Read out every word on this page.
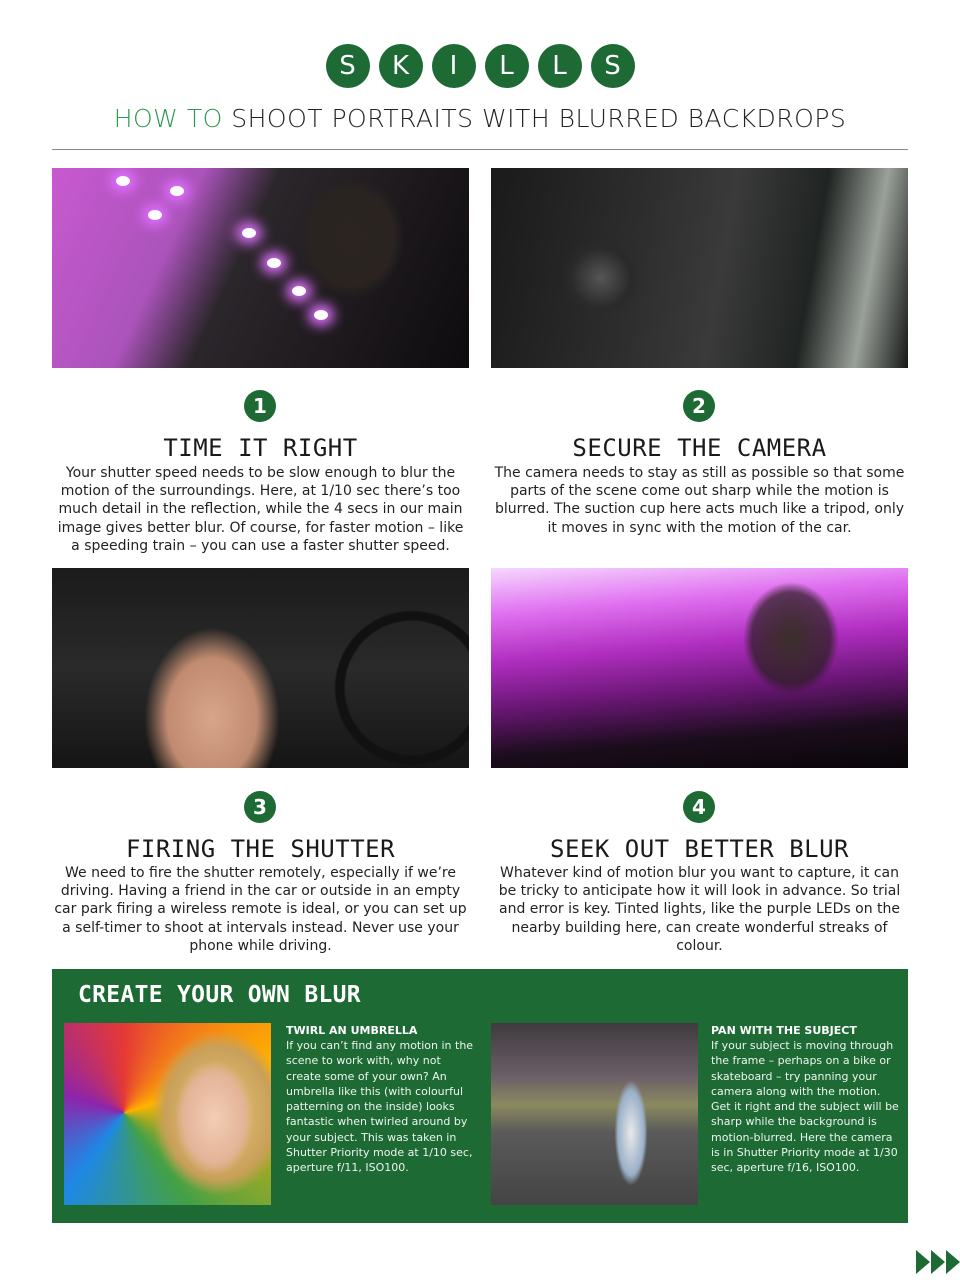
S	K	I	L	L	S
HOW TO SHOOT PORTRAITS WITH BLURRED BACKDROPS
1
TIME IT RIGHT
Your shutter speed needs to be slow enough to blur the motion of the surroundings. Here, at 1/10 sec there’s too much detail in the reflection, while the 4 secs in our main image gives better blur. Of course, for faster motion – like a speeding train – you can use a faster shutter speed.
2
SECURE THE CAMERA
The camera needs to stay as still as possible so that some parts of the scene come out sharp while the motion is blurred. The suction cup here acts much like a tripod, only it moves in sync with the motion of the car.
3
FIRING THE SHUTTER
We need to fire the shutter remotely, especially if we’re driving. Having a friend in the car or outside in an empty car park firing a wireless remote is ideal, or you can set up a self-timer to shoot at intervals instead. Never use your phone while driving.
4
SEEK OUT BETTER BLUR
Whatever kind of motion blur you want to capture, it can be tricky to anticipate how it will look in advance. So trial and error is key. Tinted lights, like the purple LEDs on the nearby building here, can create wonderful streaks of colour.
CREATE YOUR OWN BLUR
TWIRL AN UMBRELLA
If you can’t find any motion in the scene to work with, why not create some of your own? An umbrella like this (with colourful patterning on the inside) looks fantastic when twirled around by your subject. This was taken in Shutter Priority mode at 1/10 sec, aperture f/11, ISO100.
PAN WITH THE SUBJECT
If your subject is moving through the frame – perhaps on a bike or skateboard – try panning your camera along with the motion. Get it right and the subject will be sharp while the background is motion-blurred. Here the camera is in Shutter Priority mode at 1/30 sec, aperture f/16, ISO100.
